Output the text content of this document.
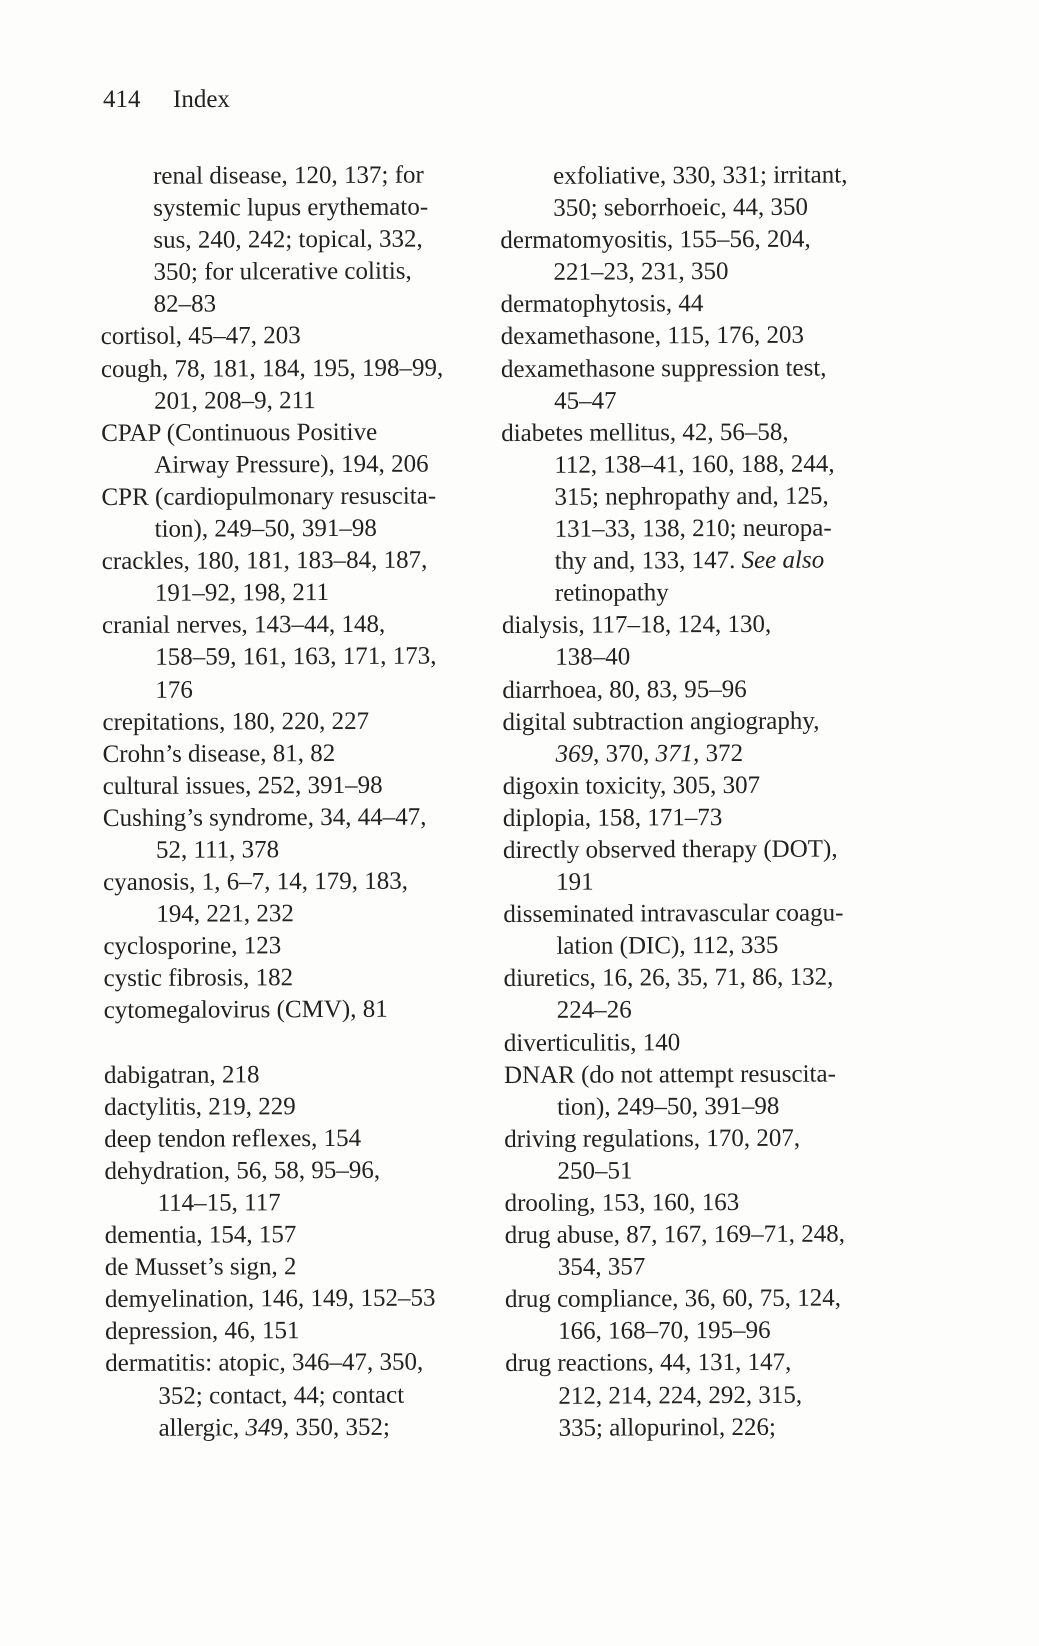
414 Index
renal disease, 120, 137; for
systemic lupus erythemato-
sus, 240, 242; topical, 332,
350; for ulcerative colitis,
82–83
cortisol, 45–47, 203
cough, 78, 181, 184, 195, 198–99,
201, 208–9, 211
CPAP (Continuous Positive
Airway Pressure), 194, 206
CPR (cardiopulmonary resuscita-
tion), 249–50, 391–98
crackles, 180, 181, 183–84, 187,
191–92, 198, 211
cranial nerves, 143–44, 148,
158–59, 161, 163, 171, 173,
176
crepitations, 180, 220, 227
Crohn’s disease, 81, 82
cultural issues, 252, 391–98
Cushing’s syndrome, 34, 44–47,
52, 111, 378
cyanosis, 1, 6–7, 14, 179, 183,
194, 221, 232
cyclosporine, 123
cystic fibrosis, 182
cytomegalovirus (CMV), 81
dabigatran, 218
dactylitis, 219, 229
deep tendon reflexes, 154
dehydration, 56, 58, 95–96,
114–15, 117
dementia, 154, 157
de Musset’s sign, 2
demyelination, 146, 149, 152–53
depression, 46, 151
dermatitis: atopic, 346–47, 350,
352; contact, 44; contact
allergic, 349, 350, 352;
exfoliative, 330, 331; irritant,
350; seborrhoeic, 44, 350
dermatomyositis, 155–56, 204,
221–23, 231, 350
dermatophytosis, 44
dexamethasone, 115, 176, 203
dexamethasone suppression test,
45–47
diabetes mellitus, 42, 56–58,
112, 138–41, 160, 188, 244,
315; nephropathy and, 125,
131–33, 138, 210; neuropa-
thy and, 133, 147. See also
retinopathy
dialysis, 117–18, 124, 130,
138–40
diarrhoea, 80, 83, 95–96
digital subtraction angiography,
369, 370, 371, 372
digoxin toxicity, 305, 307
diplopia, 158, 171–73
directly observed therapy (DOT),
191
disseminated intravascular coagu-
lation (DIC), 112, 335
diuretics, 16, 26, 35, 71, 86, 132,
224–26
diverticulitis, 140
DNAR (do not attempt resuscita-
tion), 249–50, 391–98
driving regulations, 170, 207,
250–51
drooling, 153, 160, 163
drug abuse, 87, 167, 169–71, 248,
354, 357
drug compliance, 36, 60, 75, 124,
166, 168–70, 195–96
drug reactions, 44, 131, 147,
212, 214, 224, 292, 315,
335; allopurinol, 226;
